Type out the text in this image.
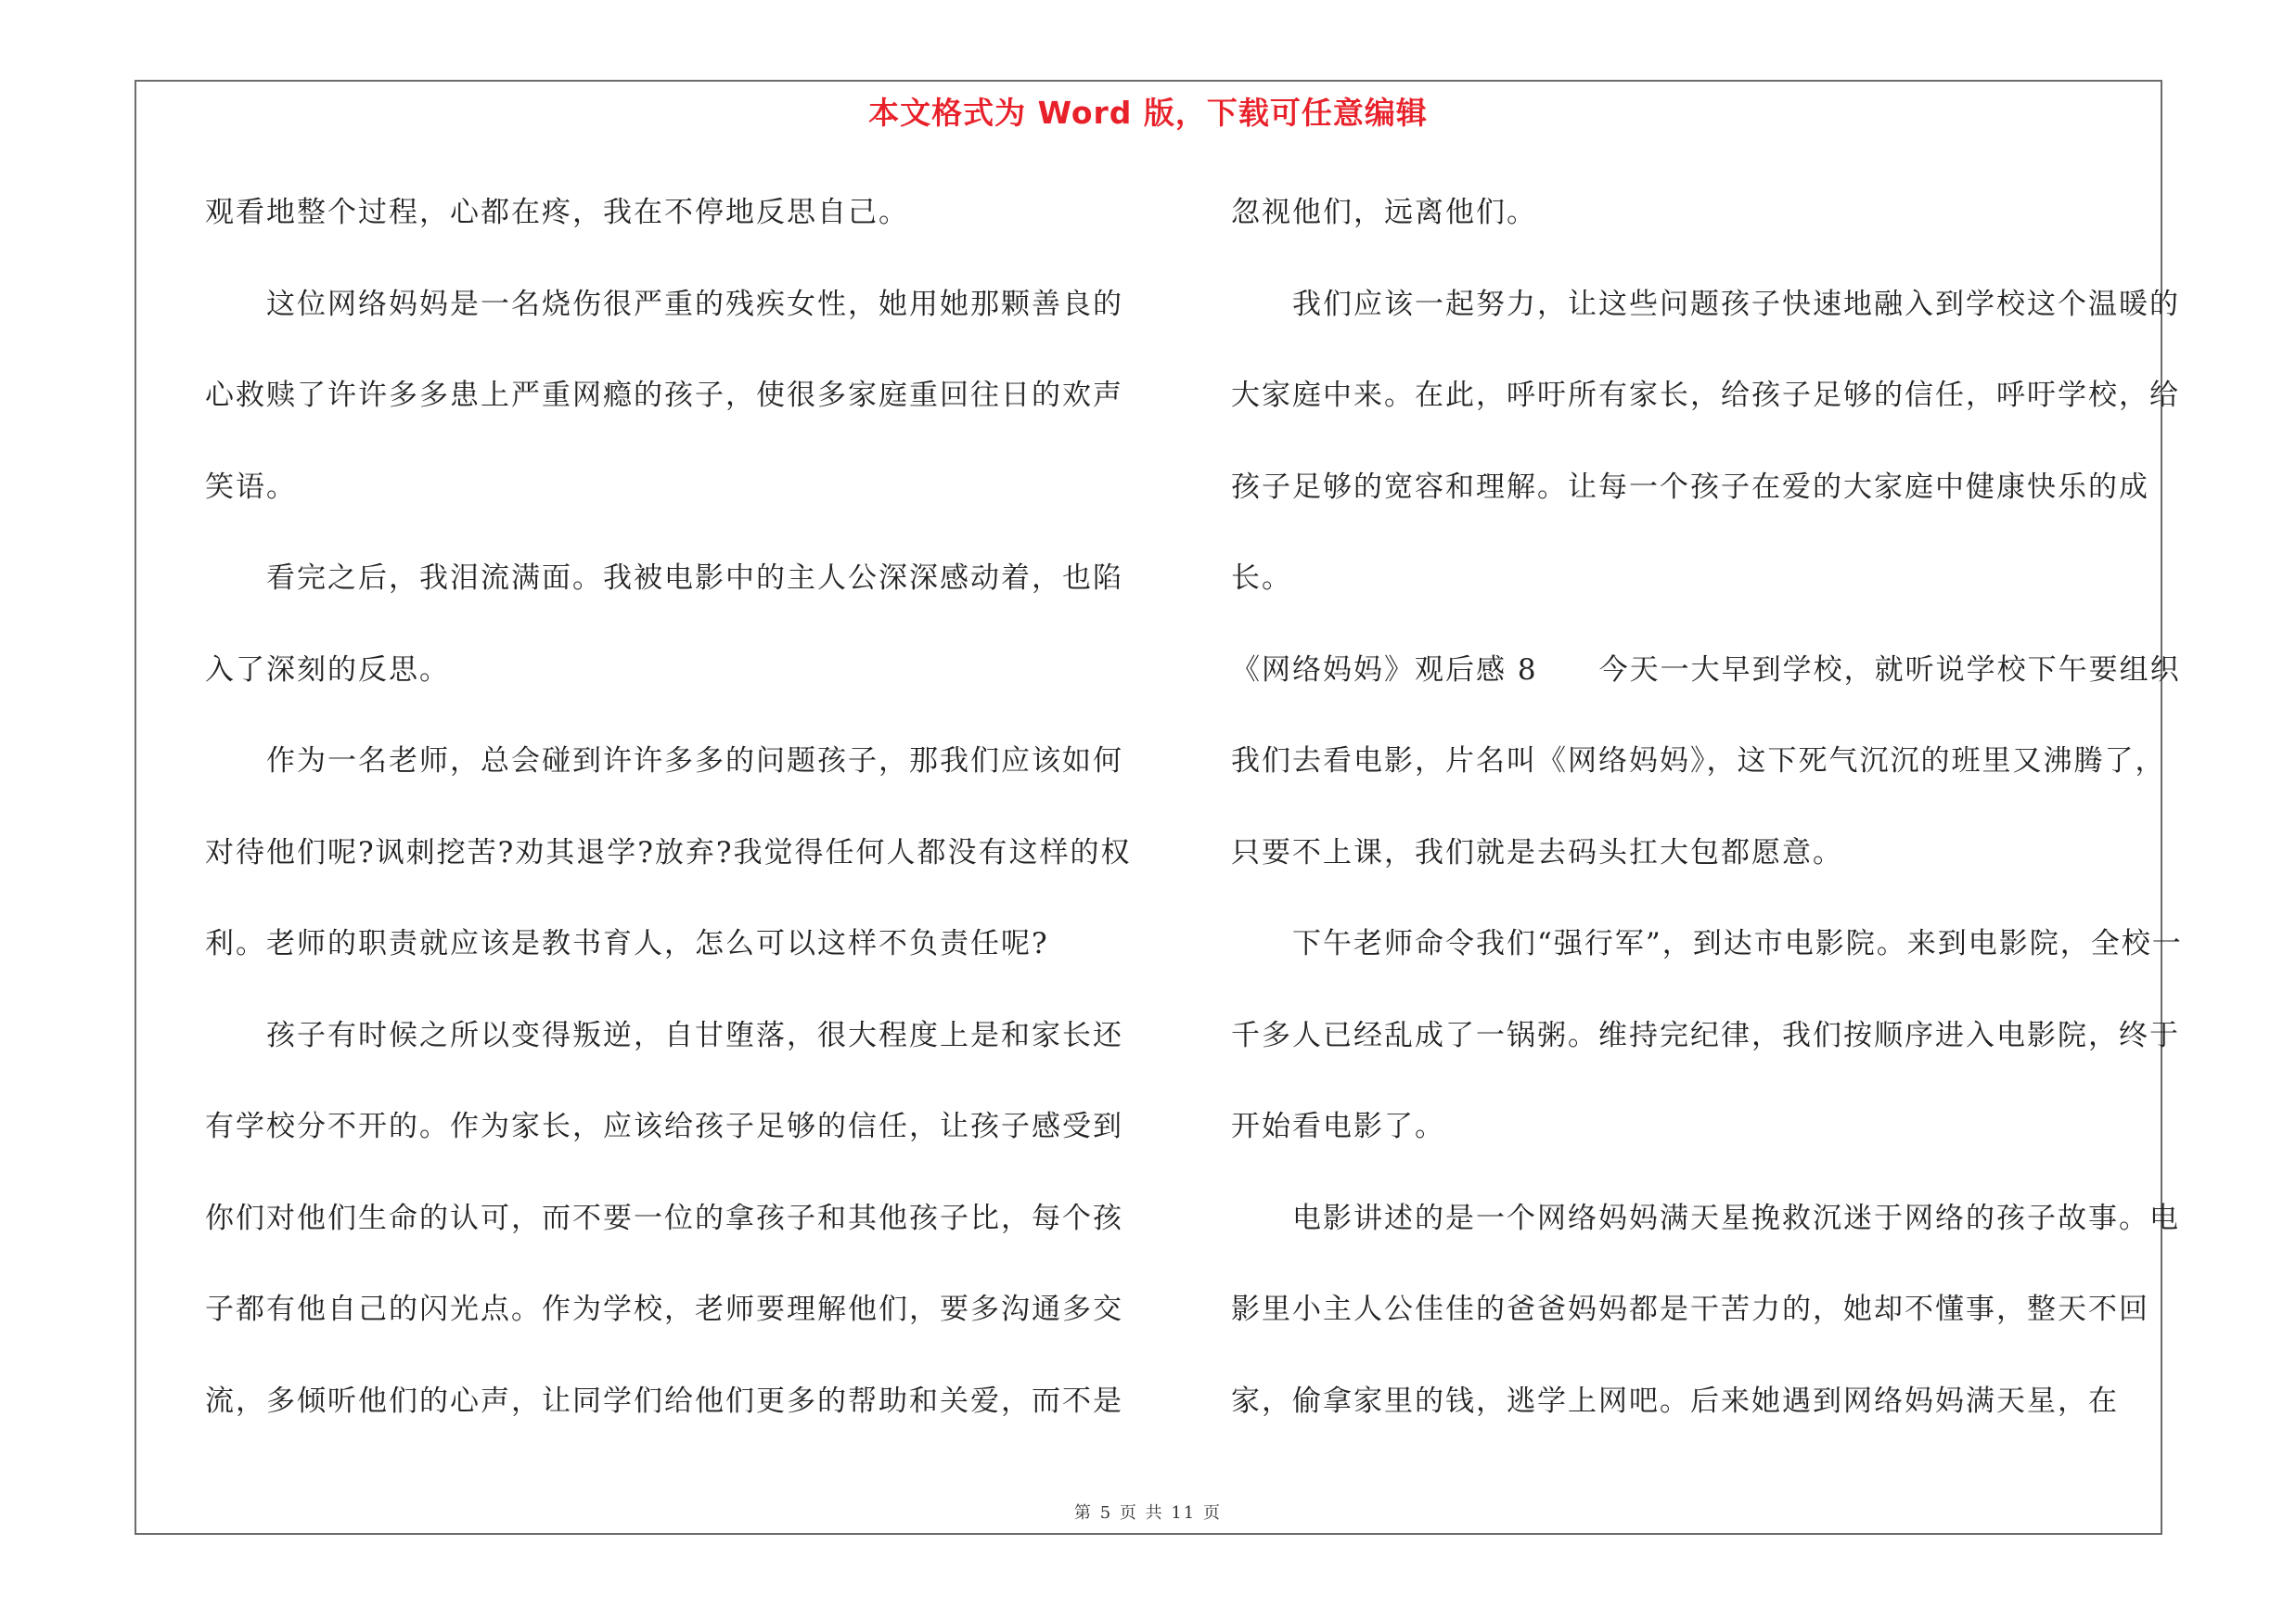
本文格式为 Word 版，下载可任意编辑

观看地整个过程，心都在疼，我在不停地反思自己。

这位网络妈妈是一名烧伤很严重的残疾女性，她用她那颗善良的心救赎了许许多多患上严重网瘾的孩子，使很多家庭重回往日的欢声笑语。

看完之后，我泪流满面。我被电影中的主人公深深感动着，也陷入了深刻的反思。

作为一名老师，总会碰到许许多多的问题孩子，那我们应该如何对待他们呢?讽刺挖苦?劝其退学?放弃?我觉得任何人都没有这样的权利。老师的职责就应该是教书育人，怎么可以这样不负责任呢?

孩子有时候之所以变得叛逆，自甘堕落，很大程度上是和家长还有学校分不开的。作为家长，应该给孩子足够的信任，让孩子感受到你们对他们生命的认可，而不要一位的拿孩子和其他孩子比，每个孩子都有他自己的闪光点。作为学校，老师要理解他们，要多沟通多交流，多倾听他们的心声，让同学们给他们更多的帮助和关爱，而不是

忽视他们，远离他们。

我们应该一起努力，让这些问题孩子快速地融入到学校这个温暖的大家庭中来。在此，呼吁所有家长，给孩子足够的信任，呼吁学校，给孩子足够的宽容和理解。让每一个孩子在爱的大家庭中健康快乐的成长。

《网络妈妈》观后感 8　　今天一大早到学校，就听说学校下午要组织我们去看电影，片名叫《网络妈妈》，这下死气沉沉的班里又沸腾了，只要不上课，我们就是去码头扛大包都愿意。

下午老师命令我们“强行军”，到达市电影院。来到电影院，全校一千多人已经乱成了一锅粥。维持完纪律，我们按顺序进入电影院，终于开始看电影了。

电影讲述的是一个网络妈妈满天星挽救沉迷于网络的孩子故事。电影里小主人公佳佳的爸爸妈妈都是干苦力的，她却不懂事，整天不回家，偷拿家里的钱，逃学上网吧。后来她遇到网络妈妈满天星，在

第 5 页 共 11 页
